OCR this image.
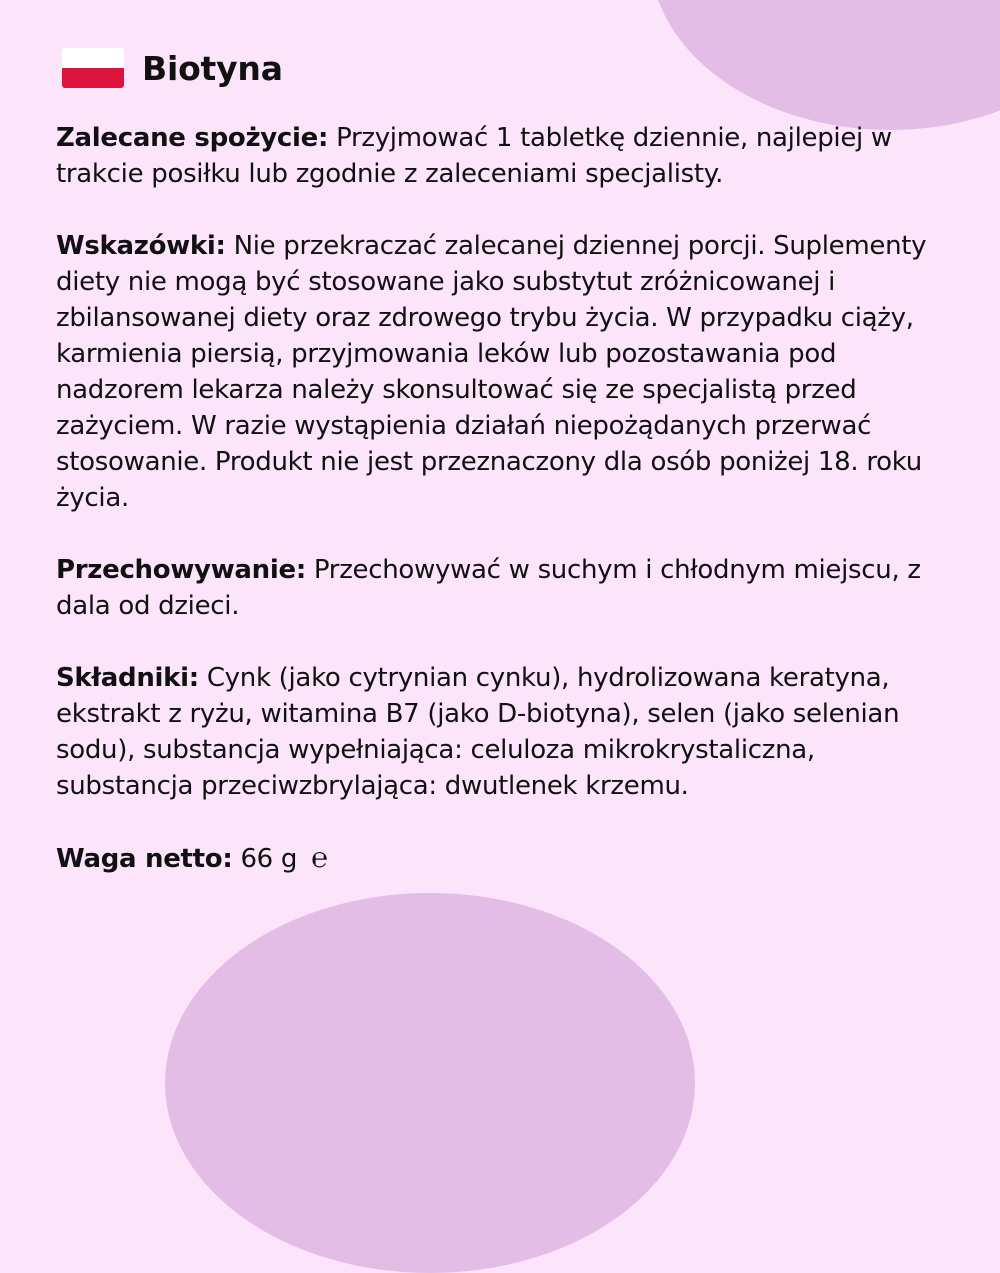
Biotyna

Zalecane spożycie: Przyjmować 1 tabletkę dziennie, najlepiej w trakcie posiłku lub zgodnie z zaleceniami specjalisty.

Wskazówki: Nie przekraczać zalecanej dziennej porcji. Suplementy diety nie mogą być stosowane jako substytut zróżnicowanej i zbilansowanej diety oraz zdrowego trybu życia. W przypadku ciąży, karmienia piersią, przyjmowania leków lub pozostawania pod nadzorem lekarza należy skonsultować się ze specjalistą przed zażyciem. W razie wystąpienia działań niepożądanych przerwać stosowanie. Produkt nie jest przeznaczony dla osób poniżej 18. roku życia.

Przechowywanie: Przechowywać w suchym i chłodnym miejscu, z dala od dzieci.

Składniki: Cynk (jako cytrynian cynku), hydrolizowana keratyna, ekstrakt z ryżu, witamina B7 (jako D-biotyna), selen (jako selenian sodu), substancja wypełniająca: celuloza mikrokrystaliczna, substancja przeciwzbrylająca: dwutlenek krzemu.

Waga netto: 66 g ℮
